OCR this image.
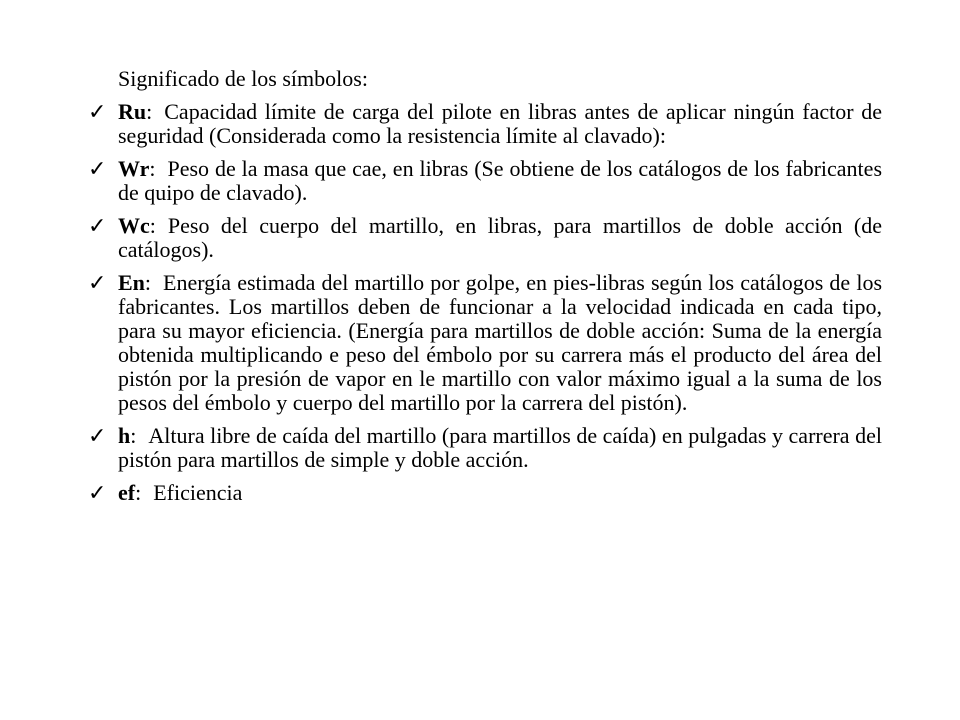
Significado de los símbolos:

✓ Ru: Capacidad límite de carga del pilote en libras antes de aplicar ningún factor de seguridad (Considerada como la resistencia límite al clavado):
✓ Wr: Peso de la masa que cae, en libras (Se obtiene de los catálogos de los fabricantes de quipo de clavado).
✓ Wc: Peso del cuerpo del martillo, en libras, para martillos de doble acción (de catálogos).
✓ En: Energía estimada del martillo por golpe, en pies-libras según los catálogos de los fabricantes. Los martillos deben de funcionar a la velocidad indicada en cada tipo, para su mayor eficiencia. (Energía para martillos de doble acción: Suma de la energía obtenida multiplicando e peso del émbolo por su carrera más el producto del área del pistón por la presión de vapor en le martillo con valor máximo igual a la suma de los pesos del émbolo y cuerpo del martillo por la carrera del pistón).
✓ h: Altura libre de caída del martillo (para martillos de caída) en pulgadas y carrera del pistón para martillos de simple y doble acción.
✓ ef: Eficiencia
